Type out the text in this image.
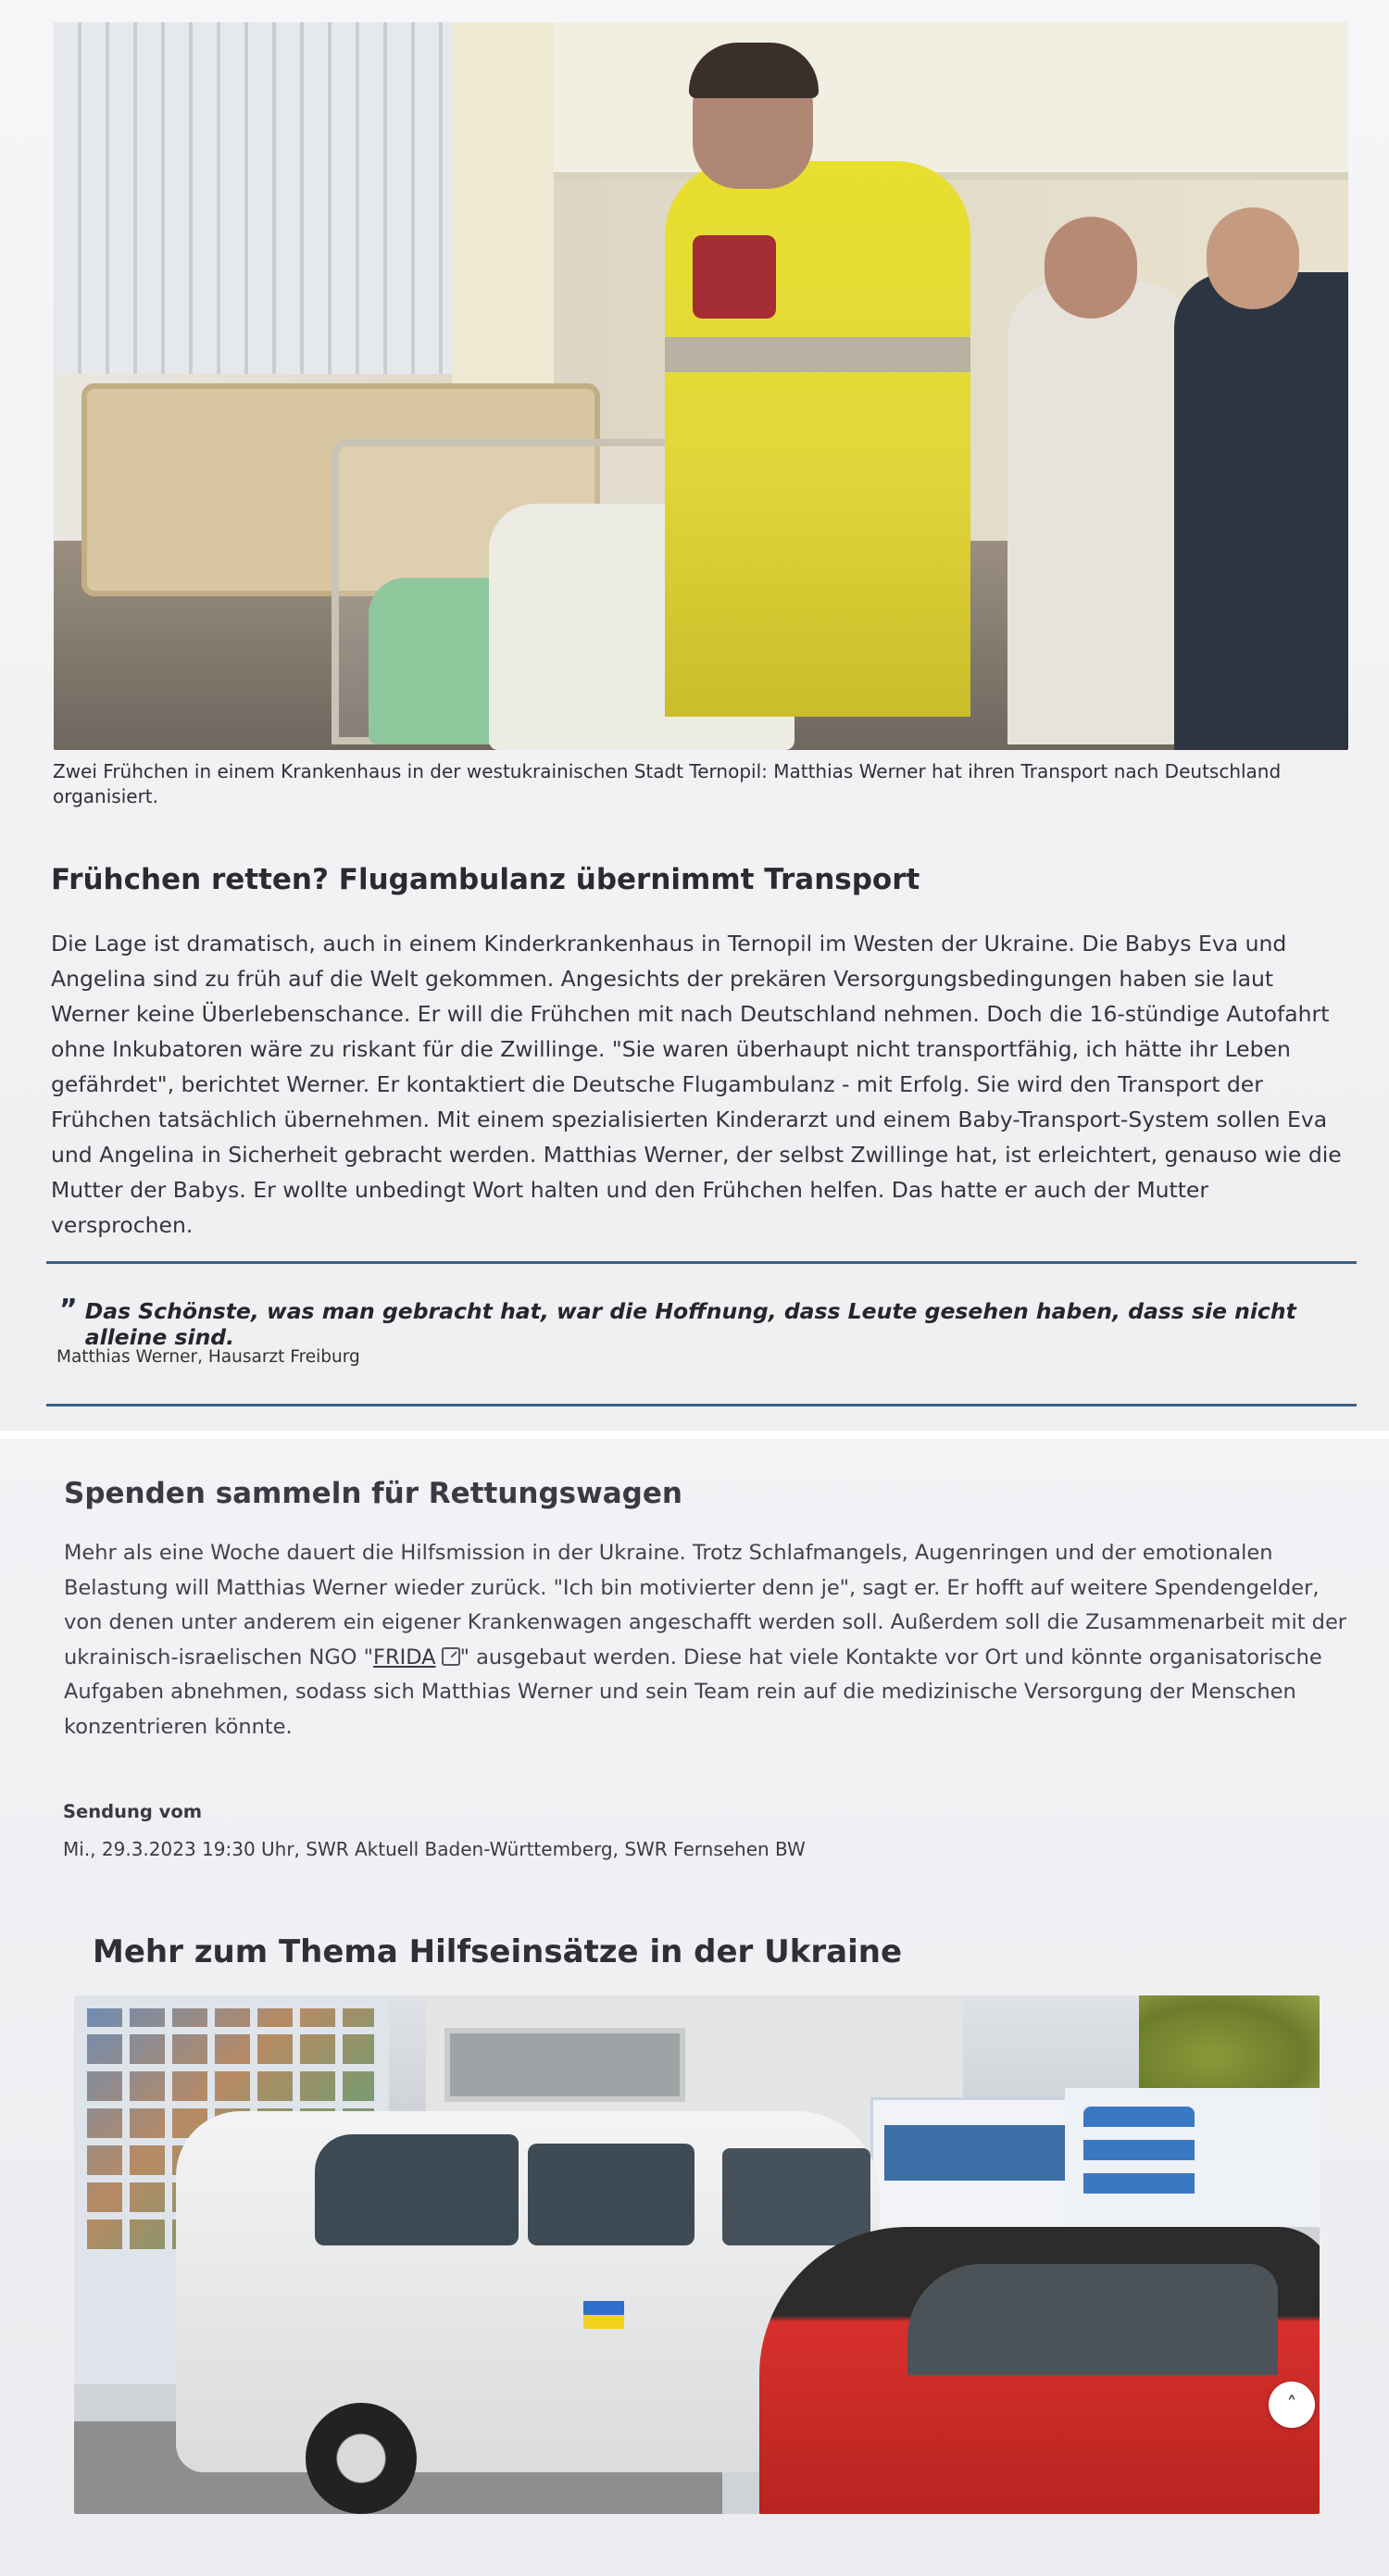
Zwei Frühchen in einem Krankenhaus in der westukrainischen Stadt Ternopil: Matthias Werner hat ihren Transport nach Deutschland organisiert.

Frühchen retten? Flugambulanz übernimmt Transport

Die Lage ist dramatisch, auch in einem Kinderkrankenhaus in Ternopil im Westen der Ukraine. Die Babys Eva und Angelina sind zu früh auf die Welt gekommen. Angesichts der prekären Versorgungsbedingungen haben sie laut Werner keine Überlebenschance. Er will die Frühchen mit nach Deutschland nehmen. Doch die 16-stündige Autofahrt ohne Inkubatoren wäre zu riskant für die Zwillinge. "Sie waren überhaupt nicht transportfähig, ich hätte ihr Leben gefährdet", berichtet Werner. Er kontaktiert die Deutsche Flugambulanz - mit Erfolg. Sie wird den Transport der Frühchen tatsächlich übernehmen. Mit einem spezialisierten Kinderarzt und einem Baby-Transport-System sollen Eva und Angelina in Sicherheit gebracht werden. Matthias Werner, der selbst Zwillinge hat, ist erleichtert, genauso wie die Mutter der Babys. Er wollte unbedingt Wort halten und den Frühchen helfen. Das hatte er auch der Mutter versprochen.

” Das Schönste, was man gebracht hat, war die Hoffnung, dass Leute gesehen haben, dass sie nicht alleine sind.
Matthias Werner, Hausarzt Freiburg
Spenden sammeln für Rettungswagen

Mehr als eine Woche dauert die Hilfsmission in der Ukraine. Trotz Schlafmangels, Augenringen und der emotionalen Belastung will Matthias Werner wieder zurück. "Ich bin motivierter denn je", sagt er. Er hofft auf weitere Spendengelder, von denen unter anderem ein eigener Krankenwagen angeschafft werden soll. Außerdem soll die Zusammenarbeit mit der ukrainisch-israelischen NGO "FRIDA " ausgebaut werden. Diese hat viele Kontakte vor Ort und könnte organisatorische Aufgaben abnehmen, sodass sich Matthias Werner und sein Team rein auf die medizinische Versorgung der Menschen konzentrieren könnte.

Sendung vom
Mi., 29.3.2023 19:30 Uhr, SWR Aktuell Baden-Württemberg, SWR Fernsehen BW
Mehr zum Thema Hilfseinsätze in der Ukraine
˄
